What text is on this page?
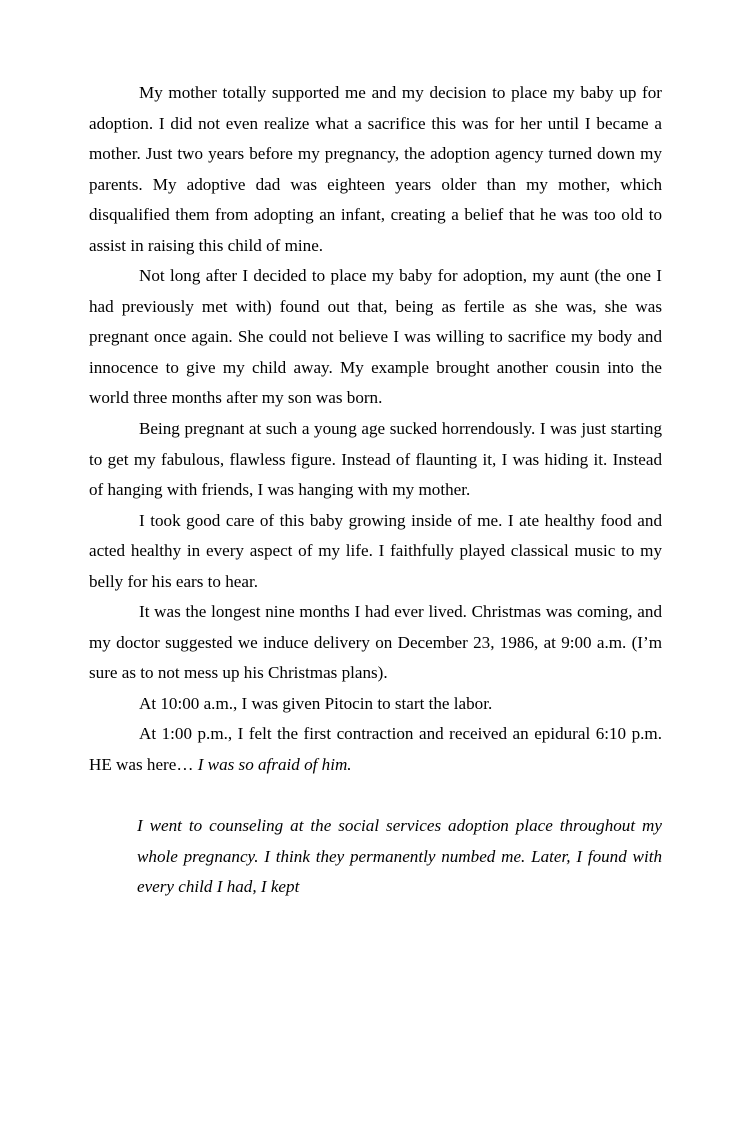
My mother totally supported me and my decision to place my baby up for adoption. I did not even realize what a sacrifice this was for her until I became a mother. Just two years before my pregnancy, the adoption agency turned down my parents. My adoptive dad was eighteen years older than my mother, which disqualified them from adopting an infant, creating a belief that he was too old to assist in raising this child of mine.

Not long after I decided to place my baby for adoption, my aunt (the one I had previously met with) found out that, being as fertile as she was, she was pregnant once again. She could not believe I was willing to sacrifice my body and innocence to give my child away. My example brought another cousin into the world three months after my son was born.

Being pregnant at such a young age sucked horrendously. I was just starting to get my fabulous, flawless figure. Instead of flaunting it, I was hiding it. Instead of hanging with friends, I was hanging with my mother.

I took good care of this baby growing inside of me. I ate healthy food and acted healthy in every aspect of my life. I faithfully played classical music to my belly for his ears to hear.

It was the longest nine months I had ever lived. Christmas was coming, and my doctor suggested we induce delivery on December 23, 1986, at 9:00 a.m. (I’m sure as to not mess up his Christmas plans).

At 10:00 a.m., I was given Pitocin to start the labor.

At 1:00 p.m., I felt the first contraction and received an epidural 6:10 p.m. HE was here… I was so afraid of him.

I went to counseling at the social services adoption place throughout my whole pregnancy. I think they permanently numbed me. Later, I found with every child I had, I kept
